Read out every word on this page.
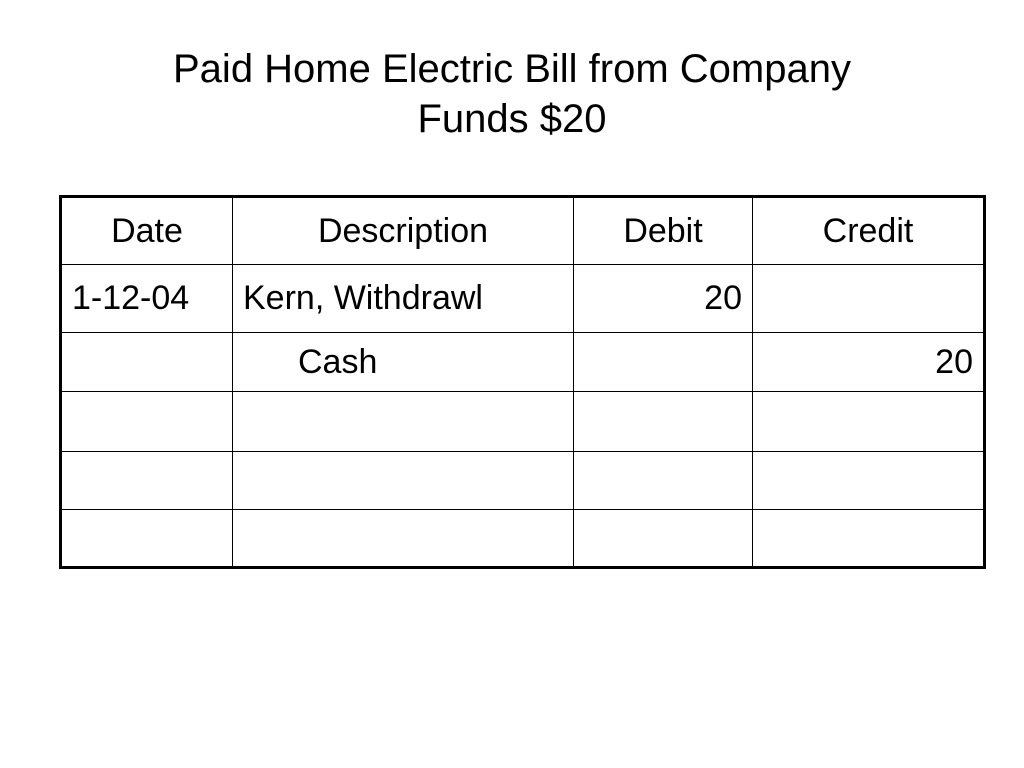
Paid Home Electric Bill from Company
Funds $20
Date	Description	Debit	Credit
1-12-04	Kern, Withdrawl	20	
	Cash		20
